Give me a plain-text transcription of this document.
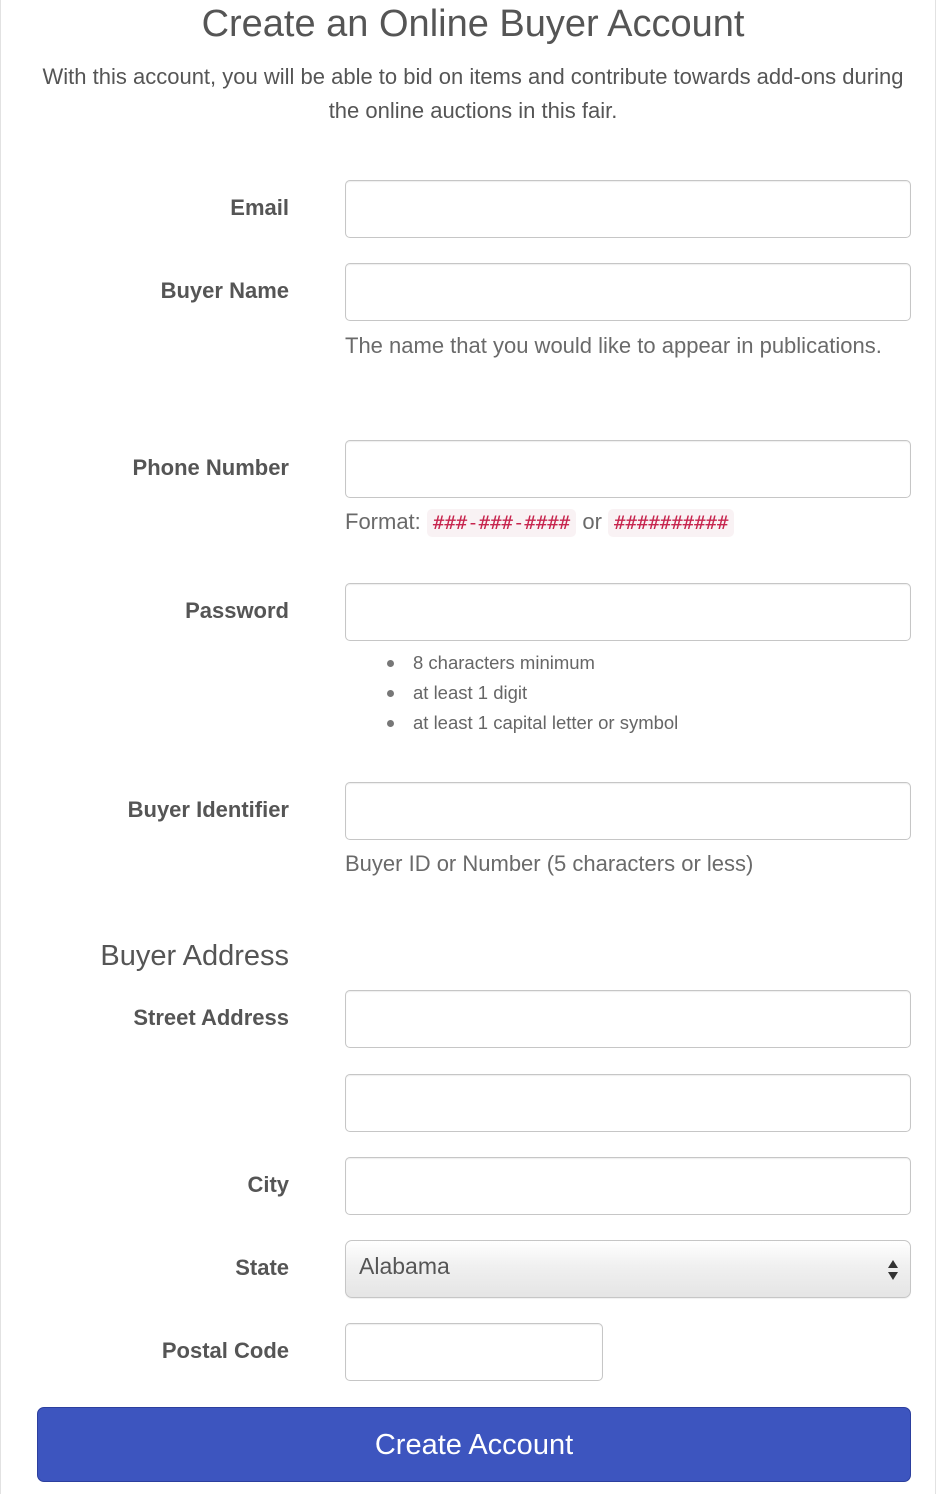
Create an Online Buyer Account
With this account, you will be able to bid on items and contribute towards add-ons during the online auctions in this fair.
Email
Buyer Name
The name that you would like to appear in publications.
Phone Number
Format: ###-###-#### or ##########
Password
8 characters minimum
at least 1 digit
at least 1 capital letter or symbol
Buyer Identifier
Buyer ID or Number (5 characters or less)
Buyer Address
Street Address
City
State	Alabama
Postal Code
Create Account
